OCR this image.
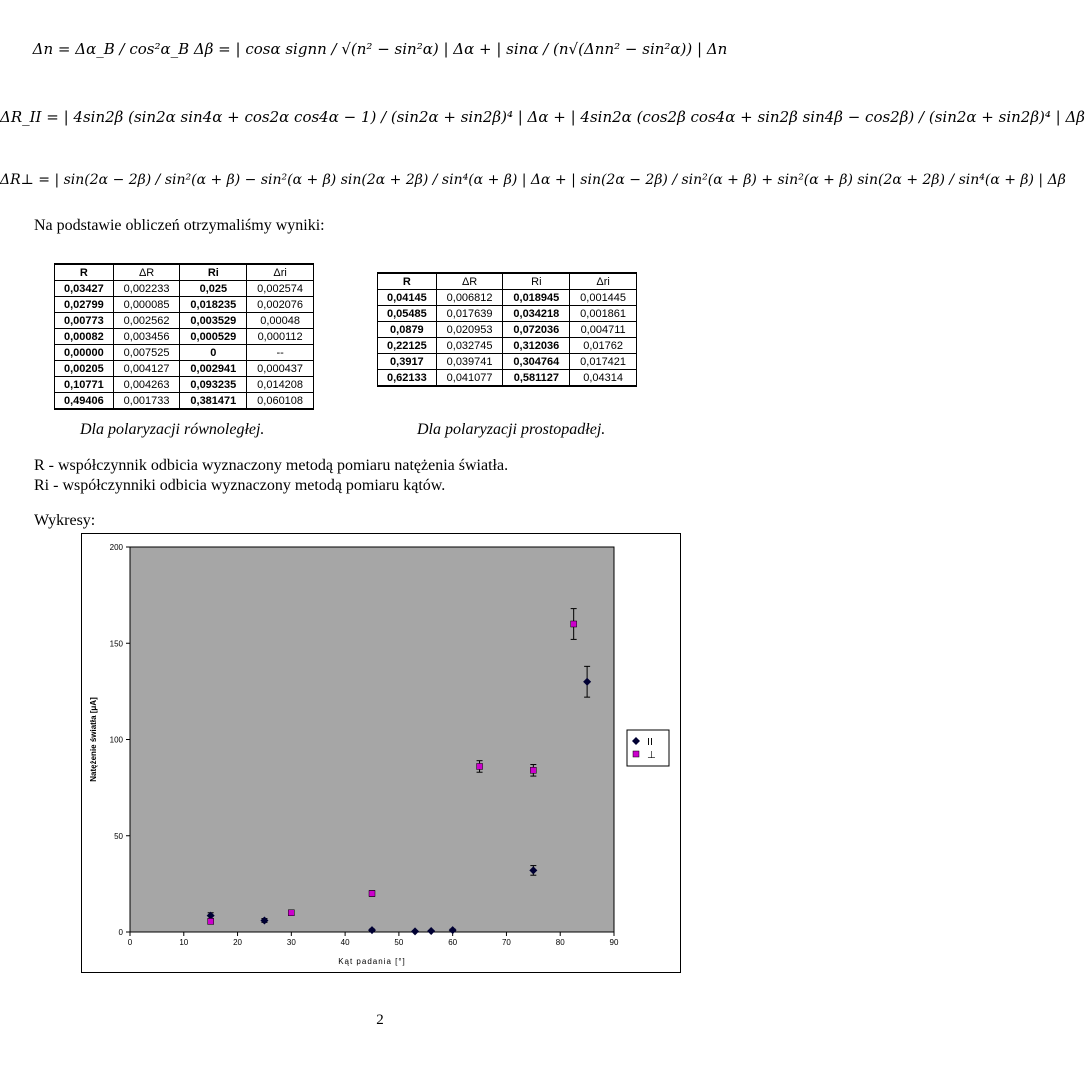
Δn = Δα_B / cos²α_B Δβ = | cosα signn / √(n² − sin²α) | Δα + | sinα / (n√(Δnn² − sin²α)) | Δn
ΔR_II = | 4sin2β (sin2α sin4α + cos2α cos4α − 1) / (sin2α + sin2β)⁴ | Δα + | 4sin2α (cos2β cos4α + sin2β sin4β − cos2β) / (sin2α + sin2β)⁴ | Δβ
ΔR⊥ = | sin(2α − 2β) / sin²(α + β) − sin²(α + β) sin(2α + 2β) / sin⁴(α + β) | Δα + | sin(2α − 2β) / sin²(α + β) + sin²(α + β) sin(2α + 2β) / sin⁴(α + β) | Δβ
Na podstawie obliczeń otrzymaliśmy wyniki:
R	ΔR	Ri	Δri
0,03427	0,002233	0,025	0,002574
0,02799	0,000085	0,018235	0,002076
0,00773	0,002562	0,003529	0,00048
0,00082	0,003456	0,000529	0,000112
0,00000	0,007525	0	--
0,00205	0,004127	0,002941	0,000437
0,10771	0,004263	0,093235	0,014208
0,49406	0,001733	0,381471	0,060108
R	ΔR	Ri	Δri
0,04145	0,006812	0,018945	0,001445
0,05485	0,017639	0,034218	0,001861
0,0879	0,020953	0,072036	0,004711
0,22125	0,032745	0,312036	0,01762
0,3917	0,039741	0,304764	0,017421
0,62133	0,041077	0,581127	0,04314
Dla polaryzacji równoległej.	Dla polaryzacji prostopadłej.
R - współczynnik odbicia wyznaczony metodą pomiaru natężenia światła.
Ri - współczynniki odbicia wyznaczony metodą pomiaru kątów.
Wykresy:
0
50
100
150
200
0	10	20	30	40	50	60	70	80	90
Kąt padania [°]
Natężenie światła [μA]	II
⊥
2
